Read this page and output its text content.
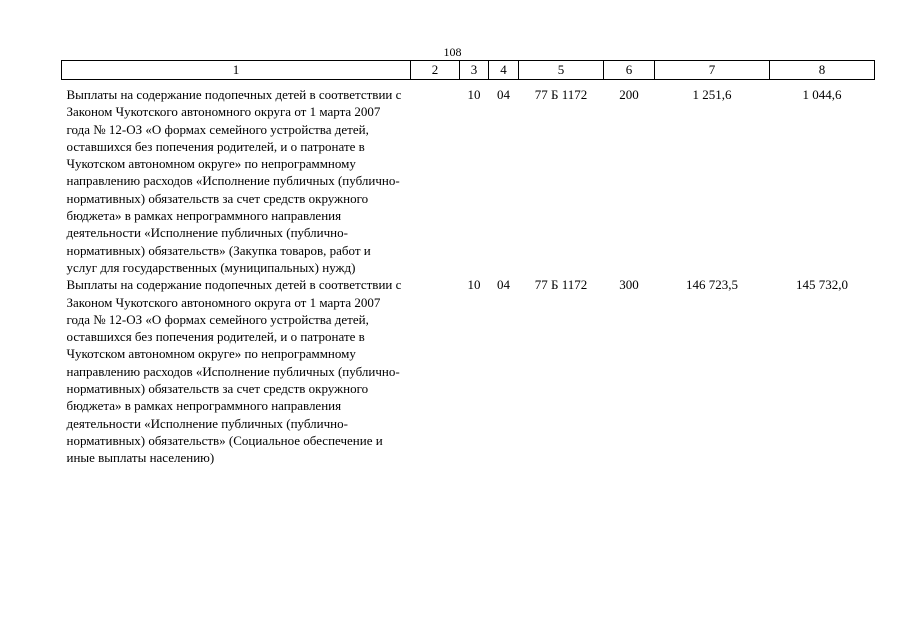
108
1	2	3	4	5	6	7	8
Выплаты на содержание подопечных детей в соответствии с Законом Чукотского автономного округа от 1 марта 2007 года № 12-ОЗ «О формах семейного устройства детей, оставшихся без попечения родителей, и о патронате в Чукотском автономном округе» по непрограммному направлению расходов «Исполнение публичных (публично-нормативных) обязательств за счет средств окружного бюджета» в рамках непрограммного направления деятельности «Исполнение публичных (публично-нормативных) обязательств» (Закупка товаров, работ и услуг для государственных (муниципальных) нужд)		10	04	77 Б 1172	200	1 251,6	1 044,6
Выплаты на содержание подопечных детей в соответствии с Законом Чукотского автономного округа от 1 марта 2007 года № 12-ОЗ «О формах семейного устройства детей, оставшихся без попечения родителей, и о патронате в Чукотском автономном округе» по непрограммному направлению расходов «Исполнение публичных (публично-нормативных) обязательств за счет средств окружного бюджета» в рамках непрограммного направления деятельности «Исполнение публичных (публично-нормативных) обязательств» (Социальное обеспечение и иные выплаты населению)		10	04	77 Б 1172	300	146 723,5	145 732,0
